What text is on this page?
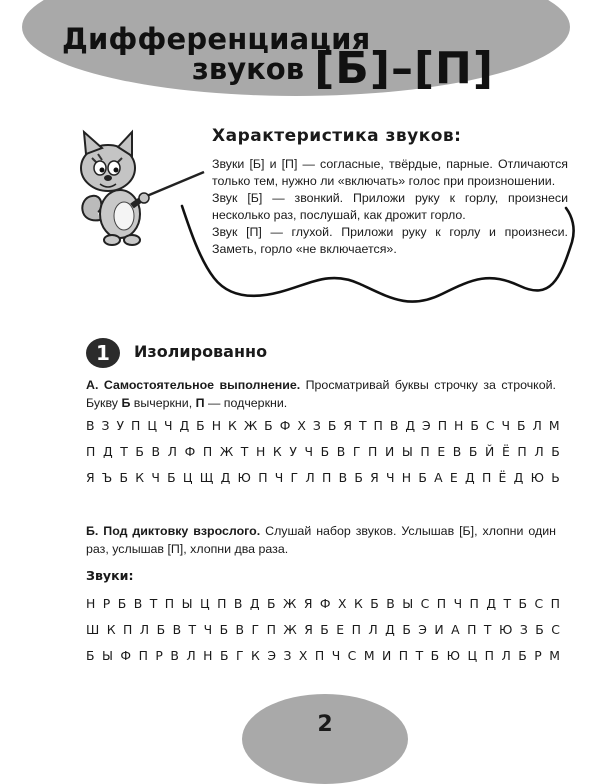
Дифференциация
звуков [Б]–[П]
Характеристика звуков:

Звуки [Б] и [П] — согласные, твёрдые, парные. Отличаются только тем, нужно ли «включать» голос при произношении.

Звук [Б] — звонкий. Приложи руку к горлу, произнеси несколько раз, послушай, как дрожит горло.

Звук [П] — глухой. Приложи руку к горлу и произнеси. Заметь, горло «не включается».

1	Изолированно
А. Самостоятельное выполнение. Просматривай буквы строчку за строчкой. Букву Б вычеркни, П — подчеркни.
В З У П Ц Ч Д Б Н К Ж Б Ф Х З Б Я Т П В Д Э П Н Б С Ч Б Л М
П Д Т Б В Л Ф П Ж Т Н К У Ч Б В Г П И Ы П Е В Б Й Ё П Л Б
Я Ъ Б К Ч Б Ц Щ Д Ю П Ч Г Л П В Б Я Ч Н Б А Е Д П Ё Д Ю Ь
Б. Под диктовку взрослого. Слушай набор звуков. Услышав [Б], хлопни один раз, услышав [П], хлопни два раза.
Звуки:
Н Р Б В Т П Ы Ц П В Д Б Ж Я Ф Х К Б В Ы С П Ч П Д Т Б С П
Ш К П Л Б В Т Ч Б В Г П Ж Я Б Е П Л Д Б Э И А П Т Ю З Б С
Б Ы Ф П Р В Л Н Б Г К Э З Х П Ч С М И П Т Б Ю Ц П Л Б Р М
2
